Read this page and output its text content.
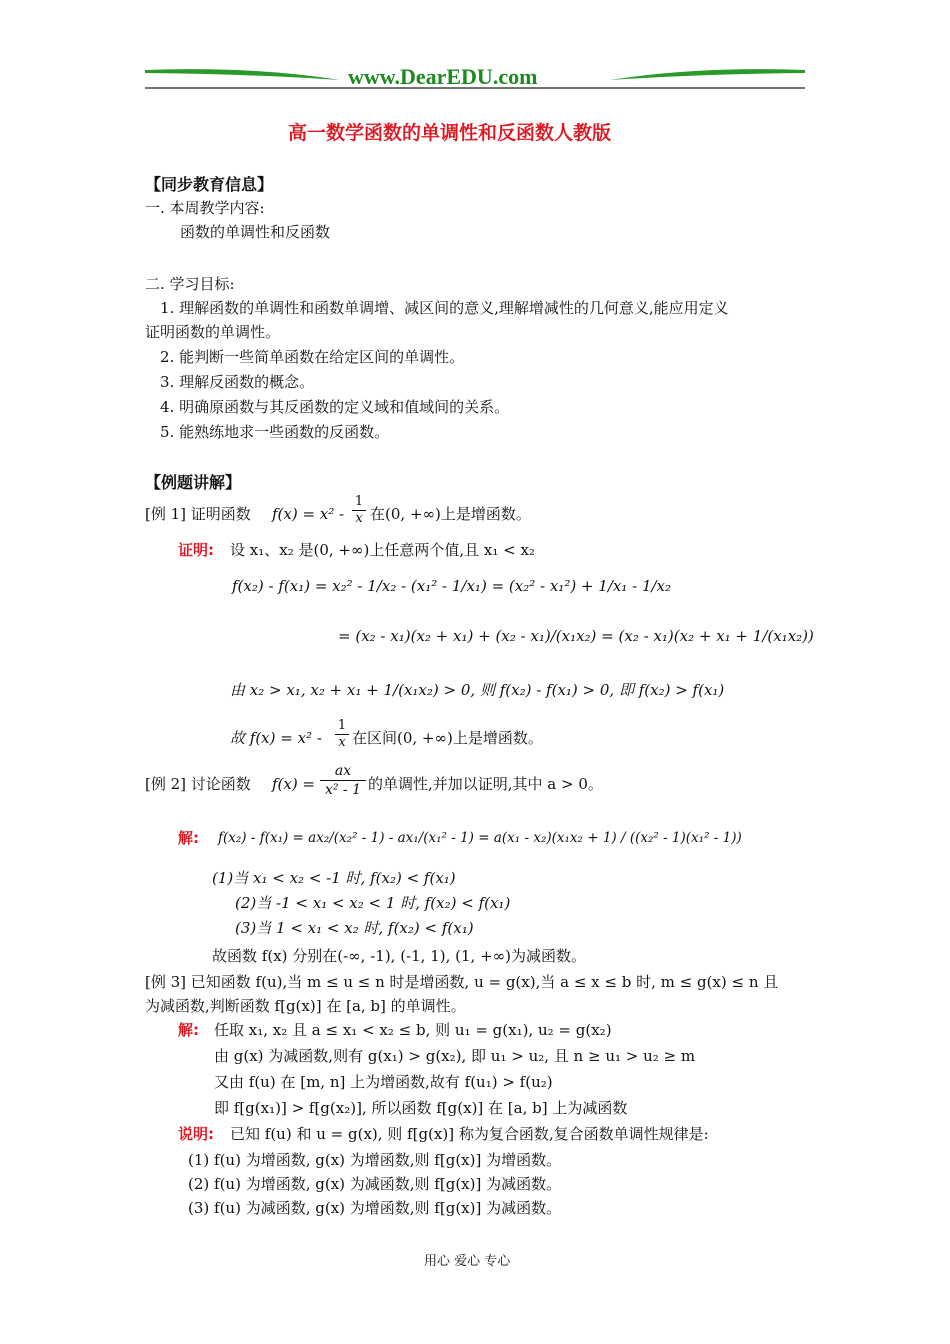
www.DearEDU.com
高一数学函数的单调性和反函数人教版
【同步教育信息】
一. 本周教学内容:
函数的单调性和反函数
二. 学习目标:
1. 理解函数的单调性和函数单调增、减区间的意义,理解增减性的几何意义,能应用定义
证明函数的单调性。
2. 能判断一些简单函数在给定区间的单调性。
3. 理解反函数的概念。
4. 明确原函数与其反函数的定义域和值域间的关系。
5. 能熟练地求一些函数的反函数。
【例题讲解】
[例 1] 证明函数 $f(x) = x^2 - \frac{1}{x}$ 在(0, +∞)上是增函数。
证明: 设 x₁、x₂ 是(0, +∞)上任意两个值,且 x₁ < x₂
f(x₂) - f(x₁) = x₂² - 1/x₂ - (x₁² - 1/x₁) = (x₂² - x₁²) + 1/x₁ - 1/x₂
= (x₂ - x₁)(x₂ + x₁) + (x₂ - x₁)/(x₁x₂) = (x₂ - x₁)(x₂ + x₁ + 1/(x₁x₂))
由 x₂ > x₁, x₂ + x₁ + 1/(x₁x₂) > 0, 则 f(x₂) - f(x₁) > 0, 即 f(x₂) > f(x₁)
故 $f(x) = x^2 - \frac{1}{x}$ 在区间(0, +∞)上是增函数。
[例 2] 讨论函数 $f(x) = \frac{ax}{\text{x² - 1}}$ 的单调性,并加以证明,其中 a > 0。
解: f(x₂) - f(x₁) = ax₂/(x₂² - 1) - ax₁/(x₁² - 1) = a(x₁ - x₂)(x₁x₂ + 1) / ((x₂² - 1)(x₁² - 1))
(1)当 x₁ < x₂ < -1 时, f(x₂) < f(x₁)
(2)当 -1 < x₁ < x₂ < 1 时, f(x₂) < f(x₁)
(3)当 1 < x₁ < x₂ 时, f(x₂) < f(x₁)
故函数 f(x) 分别在(-∞, -1), (-1, 1), (1, +∞)为减函数。
[例 3] 已知函数 f(u),当 m ≤ u ≤ n 时是增函数, u = g(x),当 a ≤ x ≤ b 时, m ≤ g(x) ≤ n 且
为减函数,判断函数 f[g(x)] 在 [a, b] 的单调性。
解: 任取 x₁, x₂ 且 a ≤ x₁ < x₂ ≤ b, 则 u₁ = g(x₁), u₂ = g(x₂)
由 g(x) 为减函数,则有 g(x₁) > g(x₂), 即 u₁ > u₂, 且 n ≥ u₁ > u₂ ≥ m
又由 f(u) 在 [m, n] 上为增函数,故有 f(u₁) > f(u₂)
即 f[g(x₁)] > f[g(x₂)], 所以函数 f[g(x)] 在 [a, b] 上为减函数
说明: 已知 f(u) 和 u = g(x), 则 f[g(x)] 称为复合函数,复合函数单调性规律是:
(1) f(u) 为增函数, g(x) 为增函数,则 f[g(x)] 为增函数。
(2) f(u) 为增函数, g(x) 为减函数,则 f[g(x)] 为减函数。
(3) f(u) 为减函数, g(x) 为增函数,则 f[g(x)] 为减函数。
用心 爱心 专心
